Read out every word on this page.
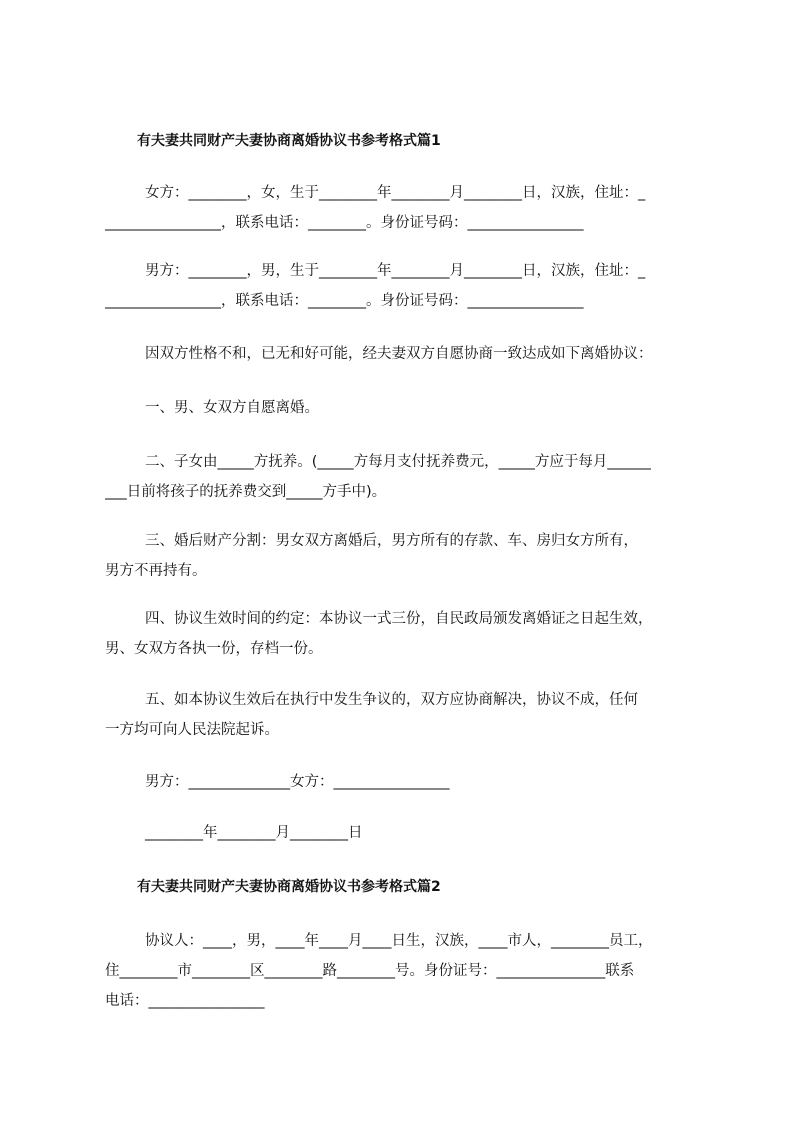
有夫妻共同财产夫妻协商离婚协议书参考格式篇1
女方：________，女，生于________年________月________日，汉族，住址：_
________________，联系电话：________。身份证号码：________________
男方：________，男，生于________年________月________日，汉族，住址：_
________________，联系电话：________。身份证号码：________________
因双方性格不和，已无和好可能，经夫妻双方自愿协商一致达成如下离婚协议：
一、男、女双方自愿离婚。
二、子女由_____方抚养。(_____方每月支付抚养费元，_____方应于每月______
___日前将孩子的抚养费交到_____方手中)。
三、婚后财产分割：男女双方离婚后，男方所有的存款、车、房归女方所有，
男方不再持有。
四、协议生效时间的约定：本协议一式三份，自民政局颁发离婚证之日起生效，
男、女双方各执一份，存档一份。
五、如本协议生效后在执行中发生争议的，双方应协商解决，协议不成，任何
一方均可向人民法院起诉。
男方：______________女方：________________
________年________月________日
有夫妻共同财产夫妻协商离婚协议书参考格式篇2
协议人：____，男，____年____月____日生，汉族，____市人，________员工，
住________市________区________路________号。身份证号：_______________联系
电话：________________
